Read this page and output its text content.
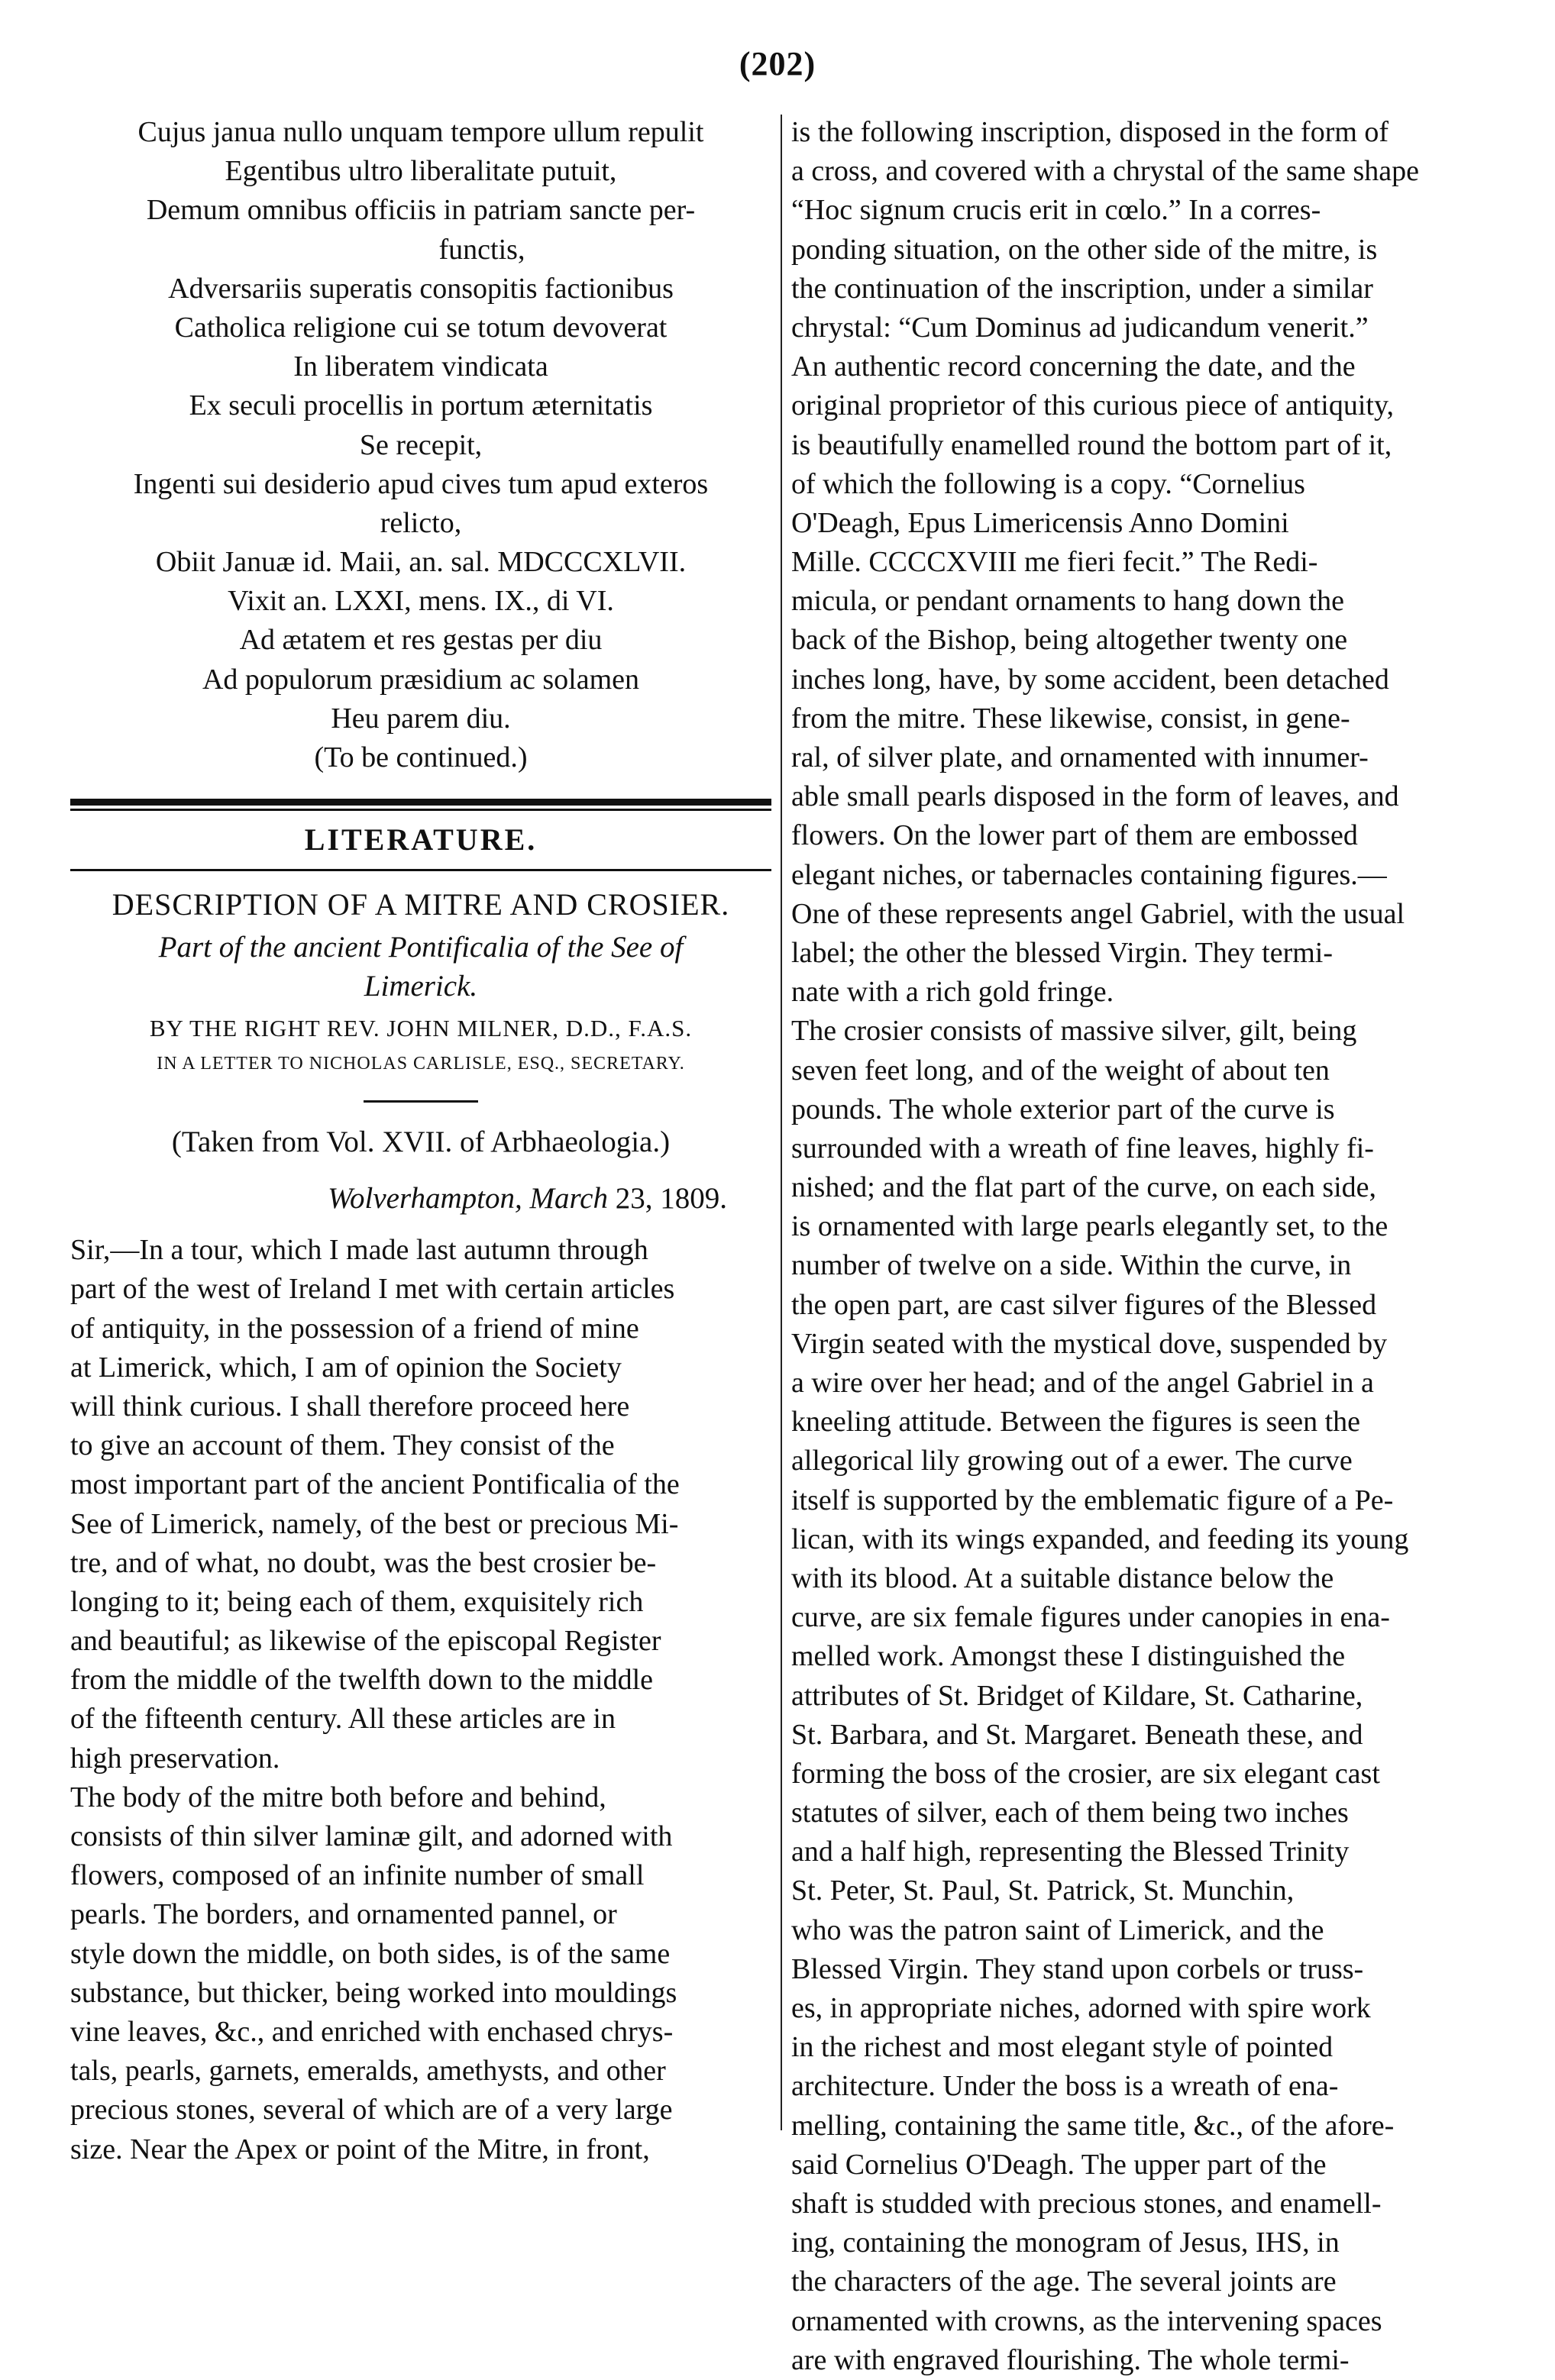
(202)
Cujus janua nullo unquam tempore ullum repulit
Egentibus ultro liberalitate putuit,
Demum omnibus officiis in patriam sancte per-
functis,
Adversariis superatis consopitis factionibus
Catholica religione cui se totum devoverat
In liberatem vindicata
Ex seculi procellis in portum æternitatis
Se recepit,
Ingenti sui desiderio apud cives tum apud exteros
relicto,
Obiit Januæ id. Maii, an. sal. MDCCCXLVII.
Vixit an. LXXI, mens. IX., di VI.
Ad ætatem et res gestas per diu
Ad populorum præsidium ac solamen
Heu parem diu.
(To be continued.)
LITERATURE.
DESCRIPTION OF A MITRE AND CROSIER.
Part of the ancient Pontificalia of the See of
Limerick.
BY THE RIGHT REV. JOHN MILNER, D.D., F.A.S.
IN A LETTER TO NICHOLAS CARLISLE, ESQ., SECRETARY.
(Taken from Vol. XVII. of Arbhaeologia.)
Wolverhampton, March 23, 1809.
Sir,—In a tour, which I made last autumn through
part of the west of Ireland I met with certain articles
of antiquity, in the possession of a friend of mine
at Limerick, which, I am of opinion the Society
will think curious. I shall therefore proceed here
to give an account of them. They consist of the
most important part of the ancient Pontificalia of the
See of Limerick, namely, of the best or precious Mi-
tre, and of what, no doubt, was the best crosier be-
longing to it; being each of them, exquisitely rich
and beautiful; as likewise of the episcopal Register
from the middle of the twelfth down to the middle
of the fifteenth century. All these articles are in
high preservation.
The body of the mitre both before and behind,
consists of thin silver laminæ gilt, and adorned with
flowers, composed of an infinite number of small
pearls. The borders, and ornamented pannel, or
style down the middle, on both sides, is of the same
substance, but thicker, being worked into mouldings
vine leaves, &c., and enriched with enchased chrys-
tals, pearls, garnets, emeralds, amethysts, and other
precious stones, several of which are of a very large
size. Near the Apex or point of the Mitre, in front,
is the following inscription, disposed in the form of
a cross, and covered with a chrystal of the same shape
“Hoc signum crucis erit in cœlo.” In a corres-
ponding situation, on the other side of the mitre, is
the continuation of the inscription, under a similar
chrystal: “Cum Dominus ad judicandum venerit.”
An authentic record concerning the date, and the
original proprietor of this curious piece of antiquity,
is beautifully enamelled round the bottom part of it,
of which the following is a copy. “Cornelius
O'Deagh, Epus Limericensis Anno Domini
Mille. CCCCXVIII me fieri fecit.” The Redi-
micula, or pendant ornaments to hang down the
back of the Bishop, being altogether twenty one
inches long, have, by some accident, been detached
from the mitre. These likewise, consist, in gene-
ral, of silver plate, and ornamented with innumer-
able small pearls disposed in the form of leaves, and
flowers. On the lower part of them are embossed
elegant niches, or tabernacles containing figures.—
One of these represents angel Gabriel, with the usual
label; the other the blessed Virgin. They termi-
nate with a rich gold fringe.
The crosier consists of massive silver, gilt, being
seven feet long, and of the weight of about ten
pounds. The whole exterior part of the curve is
surrounded with a wreath of fine leaves, highly fi-
nished; and the flat part of the curve, on each side,
is ornamented with large pearls elegantly set, to the
number of twelve on a side. Within the curve, in
the open part, are cast silver figures of the Blessed
Virgin seated with the mystical dove, suspended by
a wire over her head; and of the angel Gabriel in a
kneeling attitude. Between the figures is seen the
allegorical lily growing out of a ewer. The curve
itself is supported by the emblematic figure of a Pe-
lican, with its wings expanded, and feeding its young
with its blood. At a suitable distance below the
curve, are six female figures under canopies in ena-
melled work. Amongst these I distinguished the
attributes of St. Bridget of Kildare, St. Catharine,
St. Barbara, and St. Margaret. Beneath these, and
forming the boss of the crosier, are six elegant cast
statutes of silver, each of them being two inches
and a half high, representing the Blessed Trinity
St. Peter, St. Paul, St. Patrick, St. Munchin,
who was the patron saint of Limerick, and the
Blessed Virgin. They stand upon corbels or truss-
es, in appropriate niches, adorned with spire work
in the richest and most elegant style of pointed
architecture. Under the boss is a wreath of ena-
melling, containing the same title, &c., of the afore-
said Cornelius O'Deagh. The upper part of the
shaft is studded with precious stones, and enamell-
ing, containing the monogram of Jesus, IHS, in
the characters of the age. The several joints are
ornamented with crowns, as the intervening spaces
are with engraved flourishing. The whole termi-
